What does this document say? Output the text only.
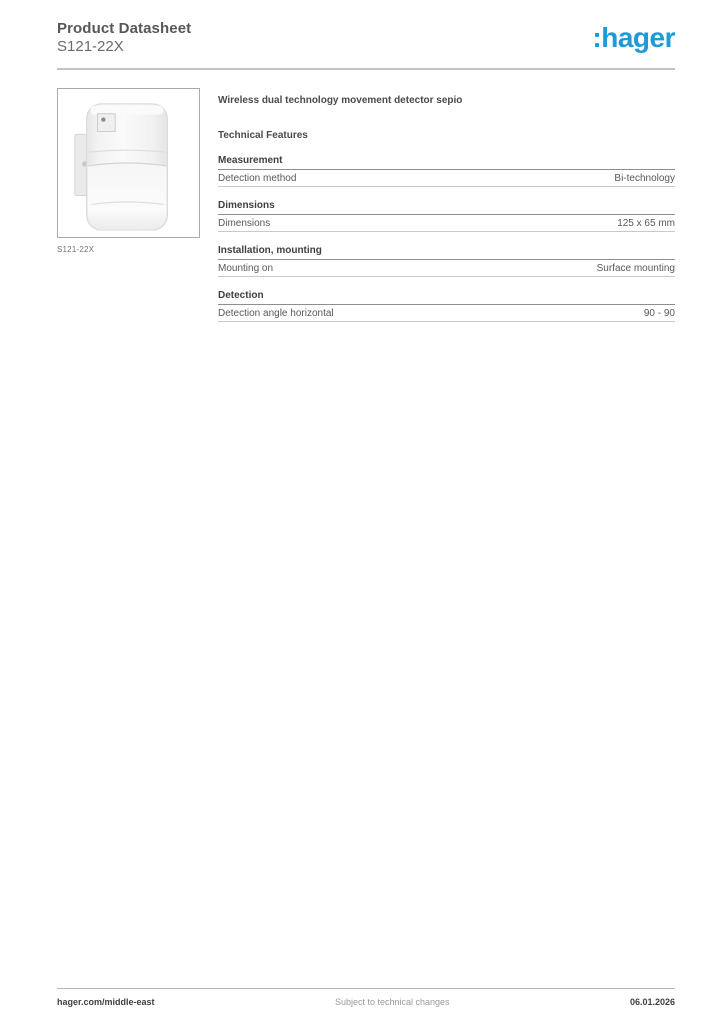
Product Datasheet
S121-22X	:hager
S121-22X
Wireless dual technology movement detector sepio
Technical Features
Measurement
Detection method	Bi-technology
Dimensions
Dimensions	125 x 65 mm
Installation, mounting
Mounting on	Surface mounting
Detection
Detection angle horizontal	90 - 90
hager.com/middle-east	Subject to technical changes	06.01.2026
